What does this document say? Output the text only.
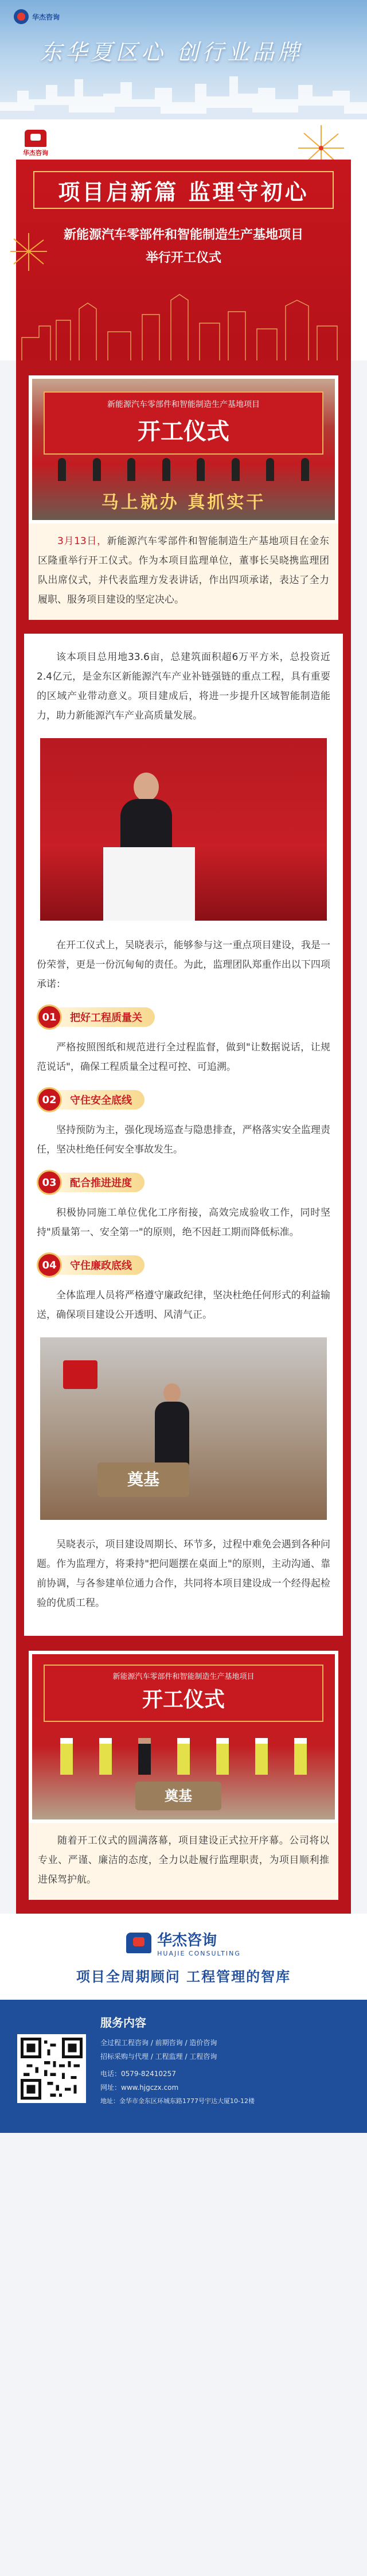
华杰咨询
东华夏区心 创行业品牌
华杰咨询
项目启新篇 监理守初心
新能源汽车零部件和智能制造生产基地项目
举行开工仪式
新能源汽车零部件和智能制造生产基地项目
开工仪式
马上就办 真抓实干
3月13日，新能源汽车零部件和智能制造生产基地项目在金东区隆重举行开工仪式。作为本项目监理单位，董事长吴晓携监理团队出席仪式，并代表监理方发表讲话，作出四项承诺，表达了全力履职、服务项目建设的坚定决心。

该本项目总用地33.6亩，总建筑面积超6万平方米，总投资近2.4亿元，是金东区新能源汽车产业补链强链的重点工程，具有重要的区域产业带动意义。项目建成后，将进一步提升区域智能制造能力，助力新能源汽车产业高质量发展。

在开工仪式上，吴晓表示，能够参与这一重点项目建设，我是一份荣誉，更是一份沉甸甸的责任。为此，监理团队郑重作出以下四项承诺：

01	把好工程质量关

严格按照图纸和规范进行全过程监督，做到"让数据说话，让规范说话"，确保工程质量全过程可控、可追溯。

02	守住安全底线

坚持预防为主，强化现场巡查与隐患排查，严格落实安全监理责任，坚决杜绝任何安全事故发生。

03	配合推进进度

积极协同施工单位优化工序衔接，高效完成验收工作，同时坚持"质量第一、安全第一"的原则，绝不因赶工期而降低标准。

04	守住廉政底线

全体监理人员将严格遵守廉政纪律，坚决杜绝任何形式的利益输送，确保项目建设公开透明、风清气正。

奠基

吴晓表示，项目建设周期长、环节多，过程中难免会遇到各种问题。作为监理方，将秉持"把问题摆在桌面上"的原则，主动沟通、靠前协调，与各参建单位通力合作，共同将本项目建设成一个经得起检验的优质工程。

新能源汽车零部件和智能制造生产基地项目
开工仪式
奠基
随着开工仪式的圆满落幕，项目建设正式拉开序幕。公司将以专业、严谨、廉洁的态度，全力以赴履行监理职责，为项目顺利推进保驾护航。
华杰咨询
HUAJIE CONSULTING
项目全周期顾问 工程管理的智库
服务内容
全过程工程咨询 / 前期咨询 / 造价咨询
招标采购与代理 / 工程监理 / 工程咨询
电话：0579-82410257
网址：www.hjgczx.com
地址：金华市金东区环城东路1777号宇达大厦10-12楼
